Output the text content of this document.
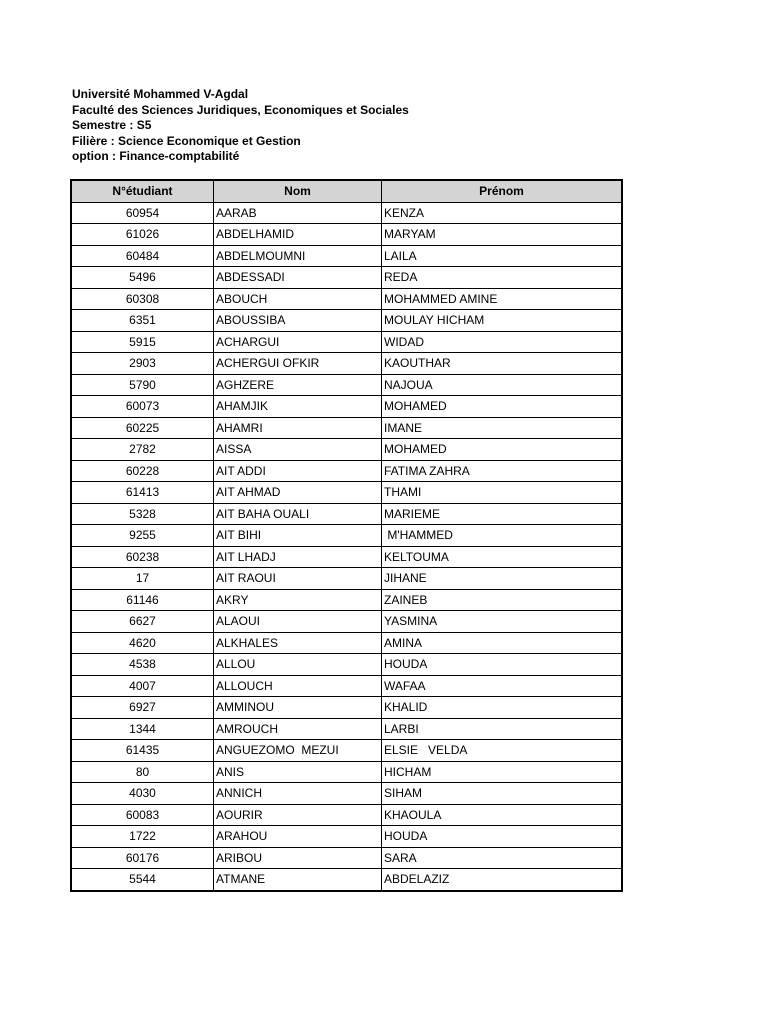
Université Mohammed V-Agdal
Faculté des Sciences Juridiques, Economiques et Sociales
Semestre : S5
Filière : Science Economique et Gestion
option : Finance-comptabilité
N°étudiant	Nom	Prénom
60954	AARAB	KENZA
61026	ABDELHAMID	MARYAM
60484	ABDELMOUMNI	LAILA
5496	ABDESSADI	REDA
60308	ABOUCH	MOHAMMED AMINE
6351	ABOUSSIBA	MOULAY HICHAM
5915	ACHARGUI	WIDAD
2903	ACHERGUI OFKIR	KAOUTHAR
5790	AGHZERE	NAJOUA
60073	AHAMJIK	MOHAMED
60225	AHAMRI	IMANE
2782	AISSA	MOHAMED
60228	AIT ADDI	FATIMA ZAHRA
61413	AIT AHMAD	THAMI
5328	AIT BAHA OUALI	MARIEME
9255	AIT BIHI	M'HAMMED
60238	AIT LHADJ	KELTOUMA
17	AIT RAOUI	JIHANE
61146	AKRY	ZAINEB
6627	ALAOUI	YASMINA
4620	ALKHALES	AMINA
4538	ALLOU	HOUDA
4007	ALLOUCH	WAFAA
6927	AMMINOU	KHALID
1344	AMROUCH	LARBI
61435	ANGUEZOMO  MEZUI	ELSIE   VELDA
80	ANIS	HICHAM
4030	ANNICH	SIHAM
60083	AOURIR	KHAOULA
1722	ARAHOU	HOUDA
60176	ARIBOU	SARA
5544	ATMANE	ABDELAZIZ
